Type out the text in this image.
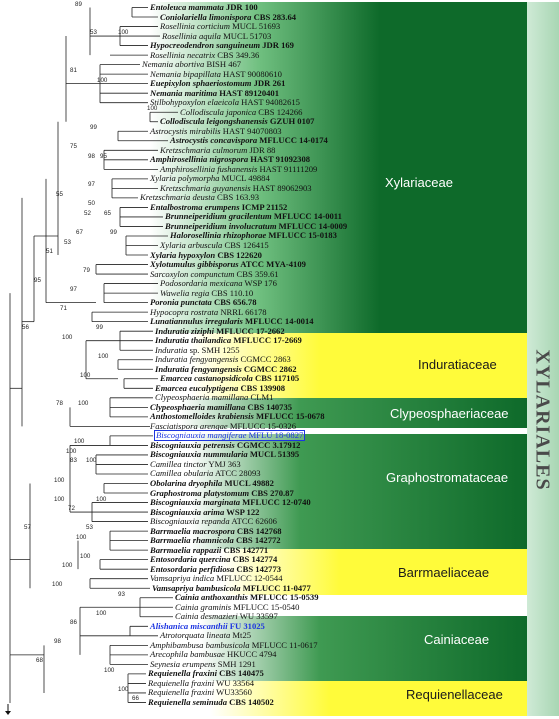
Entoleuca mammata JDR 100
Coniolariella limonispora CBS 283.64
Rosellinia corticium MUCL 51693
Rosellinia aquila MUCL 51703
Hypocreodendron sanguineum JDR 169
Rosellinia necatrix CBS 349.36
Nemania abortiva BISH 467
Nemania bipapillata HAST 90080610
Euepixylon sphaeriostomum JDR 261
Nemania maritima HAST 89120401
Stilbohypoxylon elaeicola HAST 94082615
Collodiscula japonica CBS 124266
Collodiscula leigongshanensis GZUH 0107
Astrocystis mirabilis HAST 94070803
Astrocystis concavispora MFLUCC 14-0174
Kretzschmaria culmorum JDR 88
Amphirosellinia nigrospora HAST 91092308
Amphirosellinia fushanensis HAST 91111209
Xylaria polymorpha MUCL 49884
Kretzschmaria guyanensis HAST 89062903
Kretzschmaria deusta CBS 163.93
Entalbostroma erumpens ICMP 21152
Brunneiperidium gracilentum MFLUCC 14-0011
Brunneiperidium involucratum MFLUCC 14-0009
Haloroselliniа rhizophorae MFLUCC 15-0183
Xylaria arbuscula CBS 126415
Xylaria hypoxylon CBS 122620
Xylotumulus gibbisporus ATCC MYA-4109
Sarcoxylon compunctum CBS 359.61
Podosordaria mexicana WSP 176
Wawelia regia CBS 110.10
Poronia punctata CBS 656.78
Hypocopra rostrata NRRL 66178
Lunatiannulus irregularis MFLUCC 14-0014
Induratia ziziphi MFLUCC 17-2662
Induratia thailandica MFLUCC 17-2669
Induratia sp. SMH 1255
Induratia fengyangensis CGMCC 2863
Induratia fengyangensis CGMCC 2862
Emarcea castanopsidicola CBS 117105
Emarcea eucalyptigena CBS 139908
Clypeosphaeria mamillana CLM1
Clypeosphaeria mamillana CBS 140735
Anthostomelloides krabiensis MFLUCC 15-0678
Fasciatispora arengae MFLUCC 15-0326
Biscogniauxia mangiferae MFLU 18-0827
Biscogniauxia petrensis CGMCC 3.17912
Biscogniauxia nummularia MUCL 51395
Camillea tinctor YMJ 363
Camillea obularia ATCC 28093
Obolarina dryophila MUCL 49882
Graphostroma platystomum CBS 270.87
Biscogniauxia marginata MFLUCC 12-0740
Biscogniauxia arima WSP 122
Biscogniauxia repanda ATCC 62606
Barrmaelia macrospora CBS 142768
Barrmaelia rhamnicola CBS 142772
Barrmaelia rappazii CBS 142771
Entosordaria quercina CBS 142774
Entosordaria perfidiosa CBS 142773
Vamsapriya indica MFLUCC 12-0544
Vamsapriya bambusicola MFLUCC 11-0477
Cainia anthoxanthis MFLUCC 15-0539
Cainia graminis MFLUCC 15-0540
Cainia desmazieri WU 33597
Alishanica miscanthii FU 31025
Atrotorquata lineata Mt25
Amphibambusa bambusicola MFLUCC 11-0617
Arecophila bambusae HKUCC 4794
Seynesia erumpens SMH 1291
Requienella fraxini CBS 140475
Requienella fraxini WU 33564
Requienella fraxini WU33560
Requienella seminuda CBS 140502
89
100
53
81
100
100
99
75
98 95
97
55
50
52 65
67	99
53
51
79
95
97
71
56	99
100
100
100
100
78
100
100
83 100
100
72
100
100
57	53
100
100
100
100
93
100
86
98
100
100
66
68
Xylariaceae
Induratiaceae
Clypeosphaeriaceae
Graphostromataceae
Barrmaeliaceae
Cainiaceae
Requienellaceae
XYLARIALES
